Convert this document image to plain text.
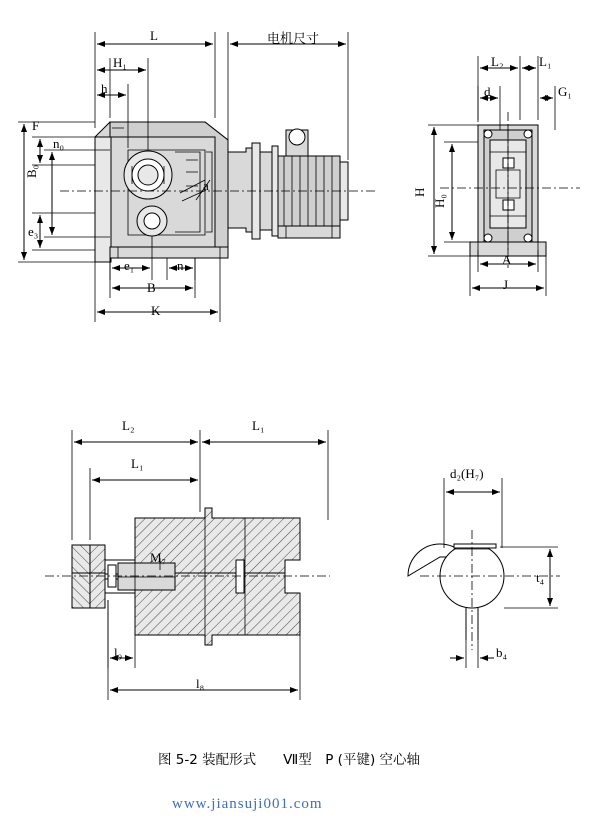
电机尺寸
L
H₁
h
F
n₀
B₀
e₃
e₁	n
B
K
a
L₂	L₁
d	G₁
H
H₀
A
J
L₂	L₁
L₁
M₇
l₉
l₈
d₂(H₇)
t₄
b₄
图 5-2 装配形式　　Ⅶ型　P (平键) 空心轴
www.jiansuji001.com
